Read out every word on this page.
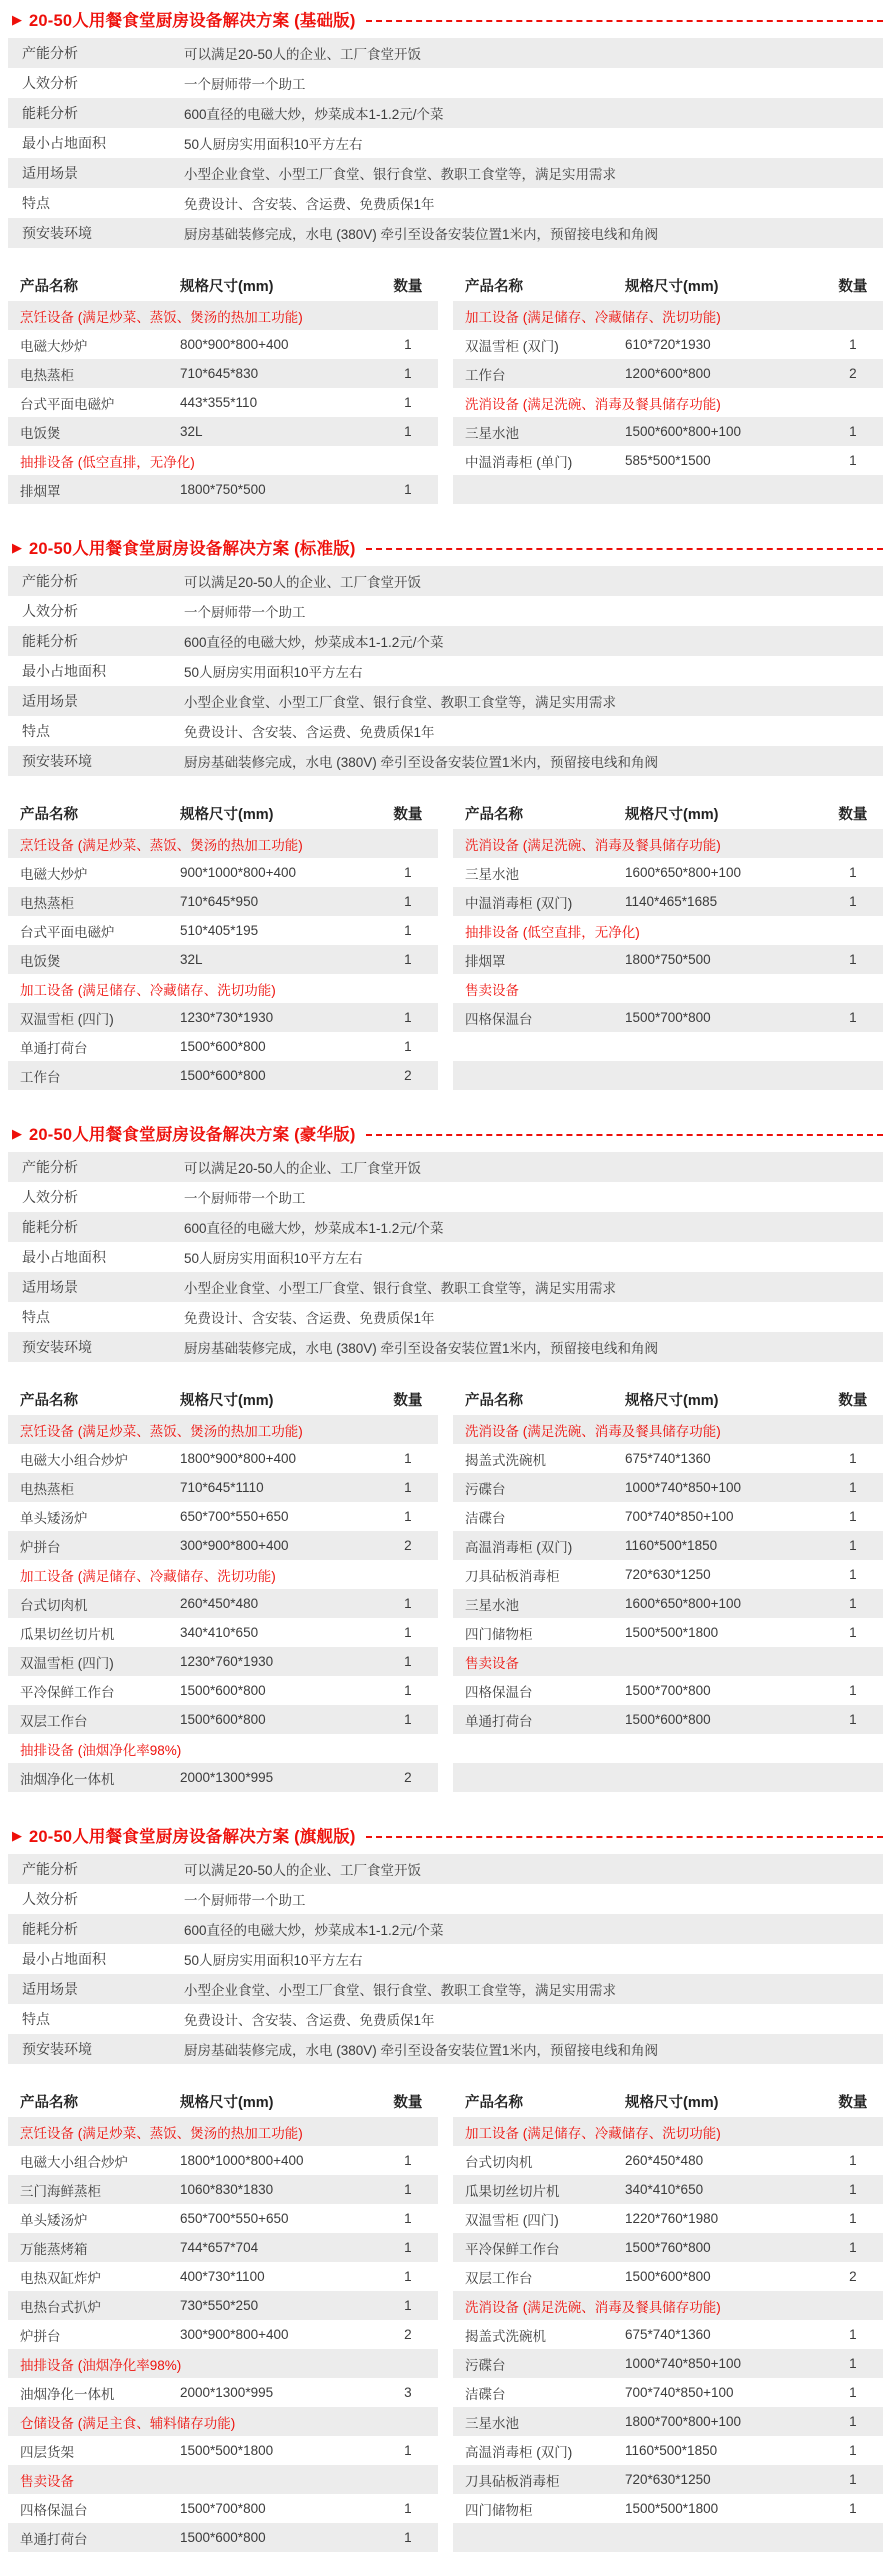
▶ 20-50人用餐食堂厨房设备解决方案 (基础版)
产能分析	可以满足20-50人的企业、工厂食堂开饭
人效分析	一个厨师带一个助工
能耗分析	600直径的电磁大炒，炒菜成本1-1.2元/个菜
最小占地面积	50人厨房实用面积10平方左右
适用场景	小型企业食堂、小型工厂食堂、银行食堂、教职工食堂等，满足实用需求
特点	免费设计、含安装、含运费、免费质保1年
预安装环境	厨房基础装修完成，水电 (380V) 牵引至设备安装位置1米内，预留接电线和角阀
产品名称	规格尺寸(mm)	数量
烹饪设备 (满足炒菜、蒸饭、煲汤的热加工功能)		
电磁大炒炉	800*900*800+400	1
电热蒸柜	710*645*830	1
台式平面电磁炉	443*355*110	1
电饭煲	32L	1
抽排设备 (低空直排，无净化)		
排烟罩	1800*750*500	1
产品名称	规格尺寸(mm)	数量
加工设备 (满足储存、冷藏储存、洗切功能)		
双温雪柜 (双门)	610*720*1930	1
工作台	1200*600*800	2
洗消设备 (满足洗碗、消毒及餐具储存功能)		
三星水池	1500*600*800+100	1
中温消毒柜 (单门)	585*500*1500	1

▶ 20-50人用餐食堂厨房设备解决方案 (标准版)
产能分析	可以满足20-50人的企业、工厂食堂开饭
人效分析	一个厨师带一个助工
能耗分析	600直径的电磁大炒，炒菜成本1-1.2元/个菜
最小占地面积	50人厨房实用面积10平方左右
适用场景	小型企业食堂、小型工厂食堂、银行食堂、教职工食堂等，满足实用需求
特点	免费设计、含安装、含运费、免费质保1年
预安装环境	厨房基础装修完成，水电 (380V) 牵引至设备安装位置1米内，预留接电线和角阀
产品名称	规格尺寸(mm)	数量
烹饪设备 (满足炒菜、蒸饭、煲汤的热加工功能)		
电磁大炒炉	900*1000*800+400	1
电热蒸柜	710*645*950	1
台式平面电磁炉	510*405*195	1
电饭煲	32L	1
加工设备 (满足储存、冷藏储存、洗切功能)		
双温雪柜 (四门)	1230*730*1930	1
单通打荷台	1500*600*800	1
工作台	1500*600*800	2
产品名称	规格尺寸(mm)	数量
洗消设备 (满足洗碗、消毒及餐具储存功能)		
三星水池	1600*650*800+100	1
中温消毒柜 (双门)	1140*465*1685	1
抽排设备 (低空直排，无净化)		
排烟罩	1800*750*500	1
售卖设备		
四格保温台	1500*700*800	1

▶ 20-50人用餐食堂厨房设备解决方案 (豪华版)
产能分析	可以满足20-50人的企业、工厂食堂开饭
人效分析	一个厨师带一个助工
能耗分析	600直径的电磁大炒，炒菜成本1-1.2元/个菜
最小占地面积	50人厨房实用面积10平方左右
适用场景	小型企业食堂、小型工厂食堂、银行食堂、教职工食堂等，满足实用需求
特点	免费设计、含安装、含运费、免费质保1年
预安装环境	厨房基础装修完成，水电 (380V) 牵引至设备安装位置1米内，预留接电线和角阀
产品名称	规格尺寸(mm)	数量
烹饪设备 (满足炒菜、蒸饭、煲汤的热加工功能)		
电磁大小组合炒炉	1800*900*800+400	1
电热蒸柜	710*645*1110	1
单头矮汤炉	650*700*550+650	1
炉拼台	300*900*800+400	2
加工设备 (满足储存、冷藏储存、洗切功能)		
台式切肉机	260*450*480	1
瓜果切丝切片机	340*410*650	1
双温雪柜 (四门)	1230*760*1930	1
平冷保鲜工作台	1500*600*800	1
双层工作台	1500*600*800	1
抽排设备 (油烟净化率98%)		
油烟净化一体机	2000*1300*995	2
产品名称	规格尺寸(mm)	数量
洗消设备 (满足洗碗、消毒及餐具储存功能)		
揭盖式洗碗机	675*740*1360	1
污碟台	1000*740*850+100	1
洁碟台	700*740*850+100	1
高温消毒柜 (双门)	1160*500*1850	1
刀具砧板消毒柜	720*630*1250	1
三星水池	1600*650*800+100	1
四门储物柜	1500*500*1800	1
售卖设备		
四格保温台	1500*700*800	1
单通打荷台	1500*600*800	1

▶ 20-50人用餐食堂厨房设备解决方案 (旗舰版)
产能分析	可以满足20-50人的企业、工厂食堂开饭
人效分析	一个厨师带一个助工
能耗分析	600直径的电磁大炒，炒菜成本1-1.2元/个菜
最小占地面积	50人厨房实用面积10平方左右
适用场景	小型企业食堂、小型工厂食堂、银行食堂、教职工食堂等，满足实用需求
特点	免费设计、含安装、含运费、免费质保1年
预安装环境	厨房基础装修完成，水电 (380V) 牵引至设备安装位置1米内，预留接电线和角阀
产品名称	规格尺寸(mm)	数量
烹饪设备 (满足炒菜、蒸饭、煲汤的热加工功能)		
电磁大小组合炒炉	1800*1000*800+400	1
三门海鲜蒸柜	1060*830*1830	1
单头矮汤炉	650*700*550+650	1
万能蒸烤箱	744*657*704	1
电热双缸炸炉	400*730*1100	1
电热台式扒炉	730*550*250	1
炉拼台	300*900*800+400	2
抽排设备 (油烟净化率98%)		
油烟净化一体机	2000*1300*995	3
仓储设备 (满足主食、辅料储存功能)		
四层货架	1500*500*1800	1
售卖设备		
四格保温台	1500*700*800	1
单通打荷台	1500*600*800	1
产品名称	规格尺寸(mm)	数量
加工设备 (满足储存、冷藏储存、洗切功能)		
台式切肉机	260*450*480	1
瓜果切丝切片机	340*410*650	1
双温雪柜 (四门)	1220*760*1980	1
平冷保鲜工作台	1500*760*800	1
双层工作台	1500*600*800	2
洗消设备 (满足洗碗、消毒及餐具储存功能)		
揭盖式洗碗机	675*740*1360	1
污碟台	1000*740*850+100	1
洁碟台	700*740*850+100	1
三星水池	1800*700*800+100	1
高温消毒柜 (双门)	1160*500*1850	1
刀具砧板消毒柜	720*630*1250	1
四门储物柜	1500*500*1800	1
